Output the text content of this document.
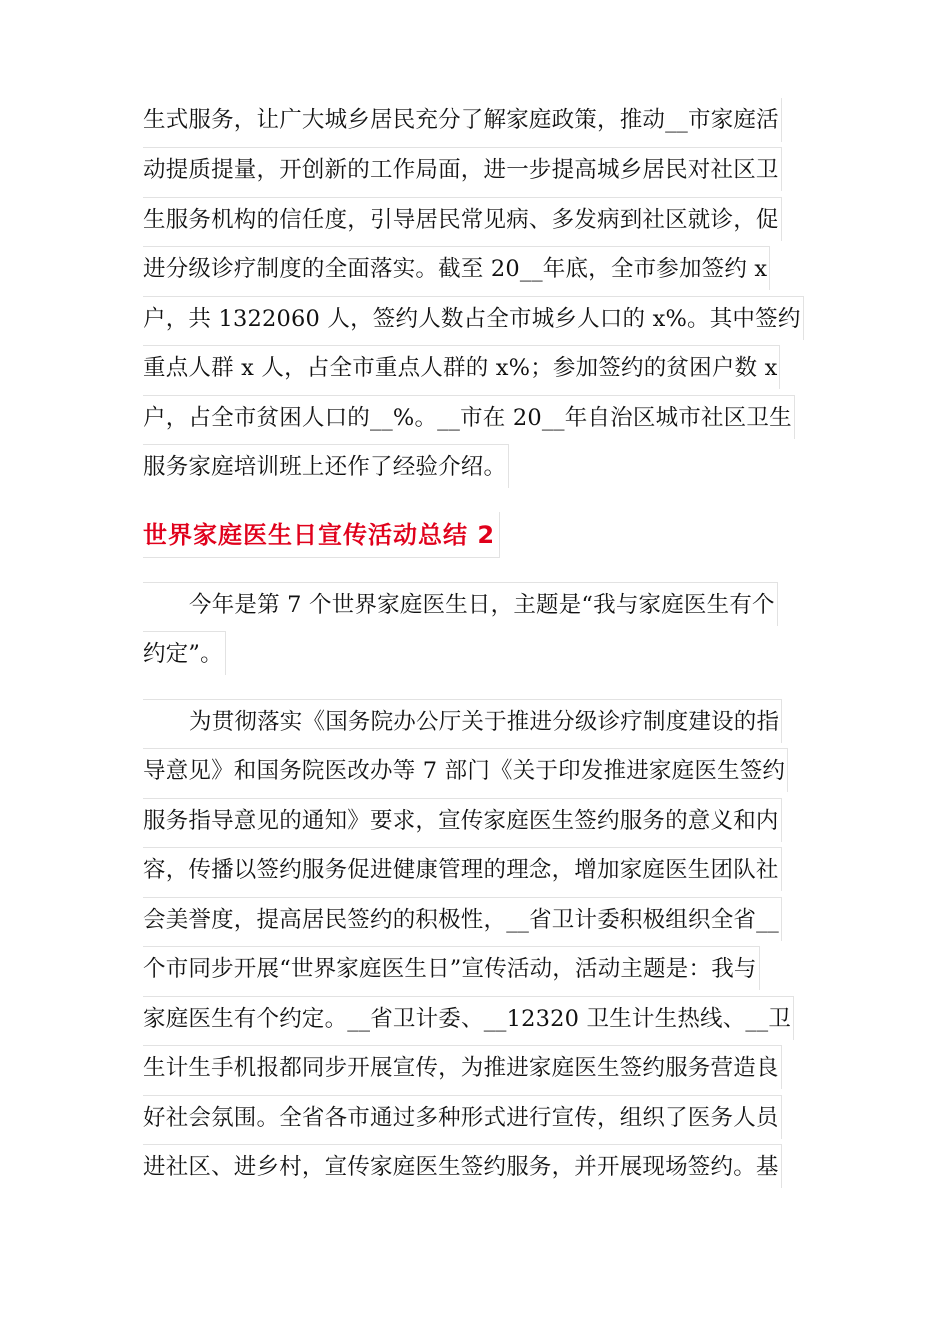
生式服务，让广大城乡居民充分了解家庭政策，推动__市家庭活
动提质提量，开创新的工作局面，进一步提高城乡居民对社区卫
生服务机构的信任度，引导居民常见病、多发病到社区就诊，促
进分级诊疗制度的全面落实。截至 20__年底，全市参加签约 x
户，共 1322060 人，签约人数占全市城乡人口的 x%。其中签约
重点人群 x 人，占全市重点人群的 x%；参加签约的贫困户数 x
户，占全市贫困人口的__%。__市在 20__年自治区城市社区卫生
服务家庭培训班上还作了经验介绍。
世界家庭医生日宣传活动总结 2
今年是第 7 个世界家庭医生日，主题是“我与家庭医生有个
约定”。
为贯彻落实《国务院办公厅关于推进分级诊疗制度建设的指
导意见》和国务院医改办等 7 部门《关于印发推进家庭医生签约
服务指导意见的通知》要求，宣传家庭医生签约服务的意义和内
容，传播以签约服务促进健康管理的理念，增加家庭医生团队社
会美誉度，提高居民签约的积极性，__省卫计委积极组织全省__
个市同步开展“世界家庭医生日”宣传活动，活动主题是：我与
家庭医生有个约定。__省卫计委、__12320 卫生计生热线、__卫
生计生手机报都同步开展宣传，为推进家庭医生签约服务营造良
好社会氛围。全省各市通过多种形式进行宣传，组织了医务人员
进社区、进乡村，宣传家庭医生签约服务，并开展现场签约。基
